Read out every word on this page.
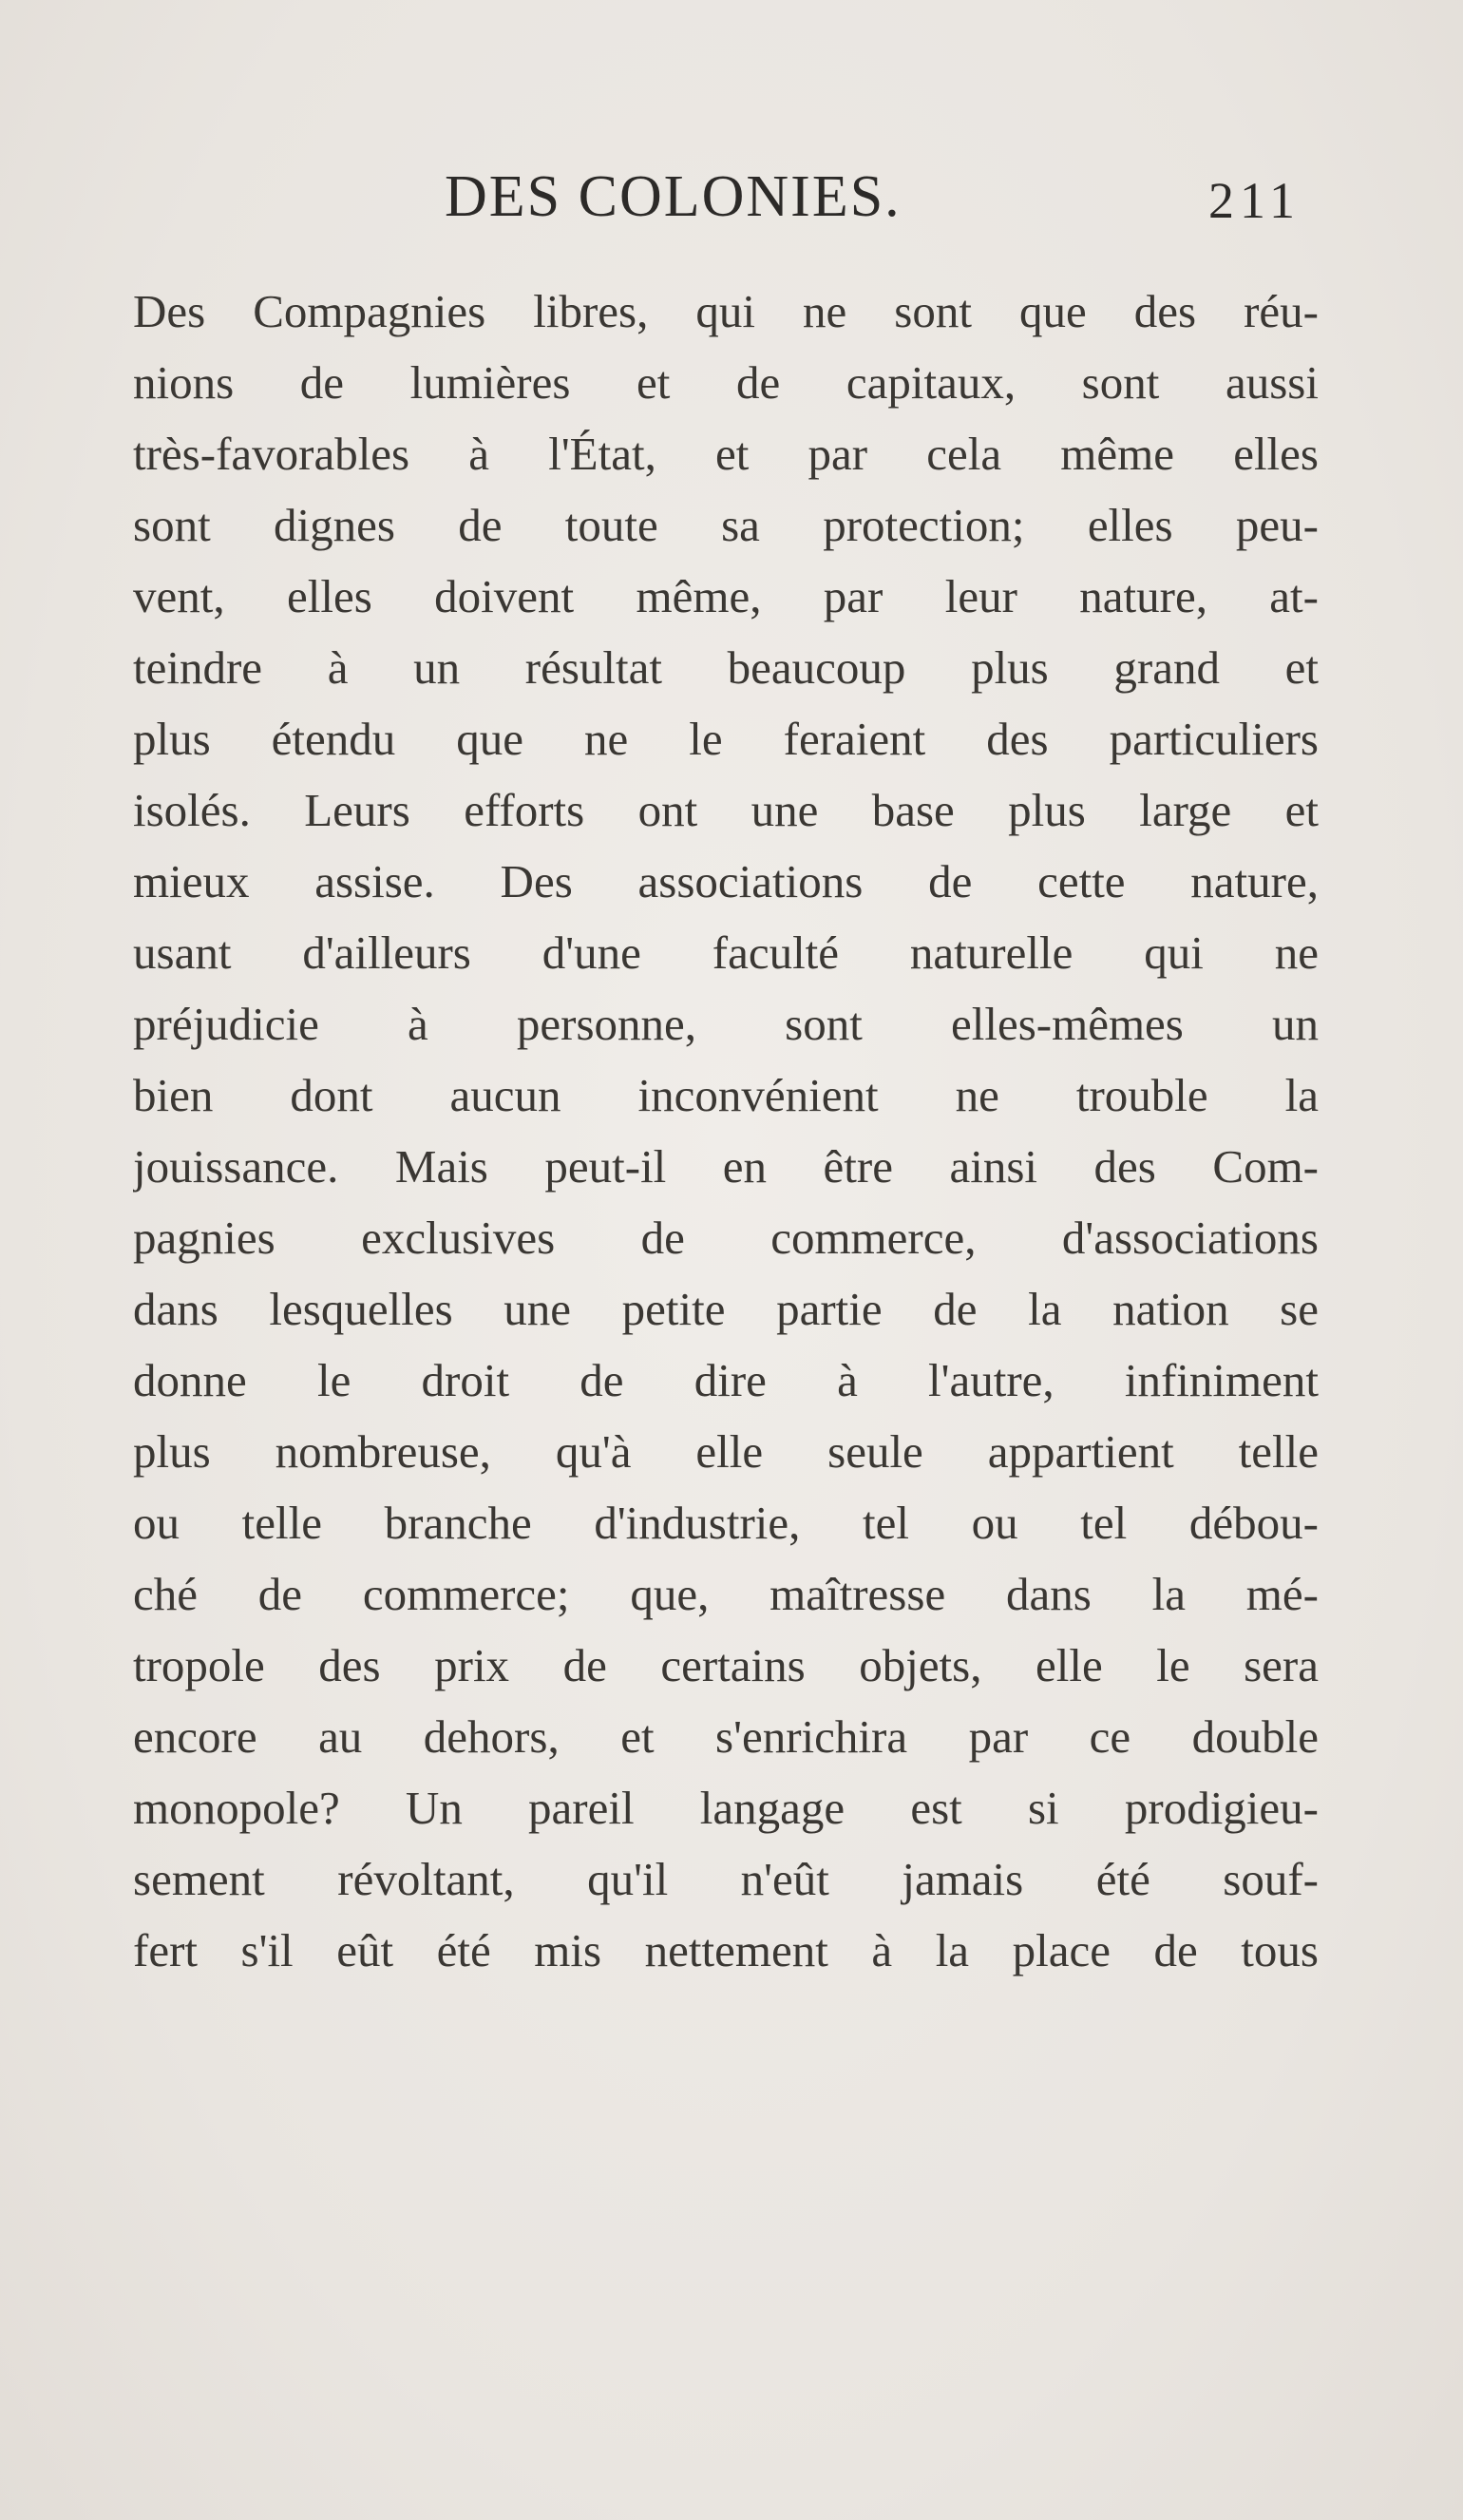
DES COLONIES.	211
Des Compagnies libres, qui ne sont que des réu-
nions de lumières et de capitaux, sont aussi
très-favorables à l'État, et par cela même elles
sont dignes de toute sa protection; elles peu-
vent, elles doivent même, par leur nature, at-
teindre à un résultat beaucoup plus grand et
plus étendu que ne le feraient des particuliers
isolés. Leurs efforts ont une base plus large et
mieux assise. Des associations de cette nature,
usant d'ailleurs d'une faculté naturelle qui ne
préjudicie à personne, sont elles-mêmes un
bien dont aucun inconvénient ne trouble la
jouissance. Mais peut-il en être ainsi des Com-
pagnies exclusives de commerce, d'associations
dans lesquelles une petite partie de la nation se
donne le droit de dire à l'autre, infiniment
plus nombreuse, qu'à elle seule appartient telle
ou telle branche d'industrie, tel ou tel débou-
ché de commerce; que, maîtresse dans la mé-
tropole des prix de certains objets, elle le sera
encore au dehors, et s'enrichira par ce double
monopole? Un pareil langage est si prodigieu-
sement révoltant, qu'il n'eût jamais été souf-
fert s'il eût été mis nettement à la place de tous
